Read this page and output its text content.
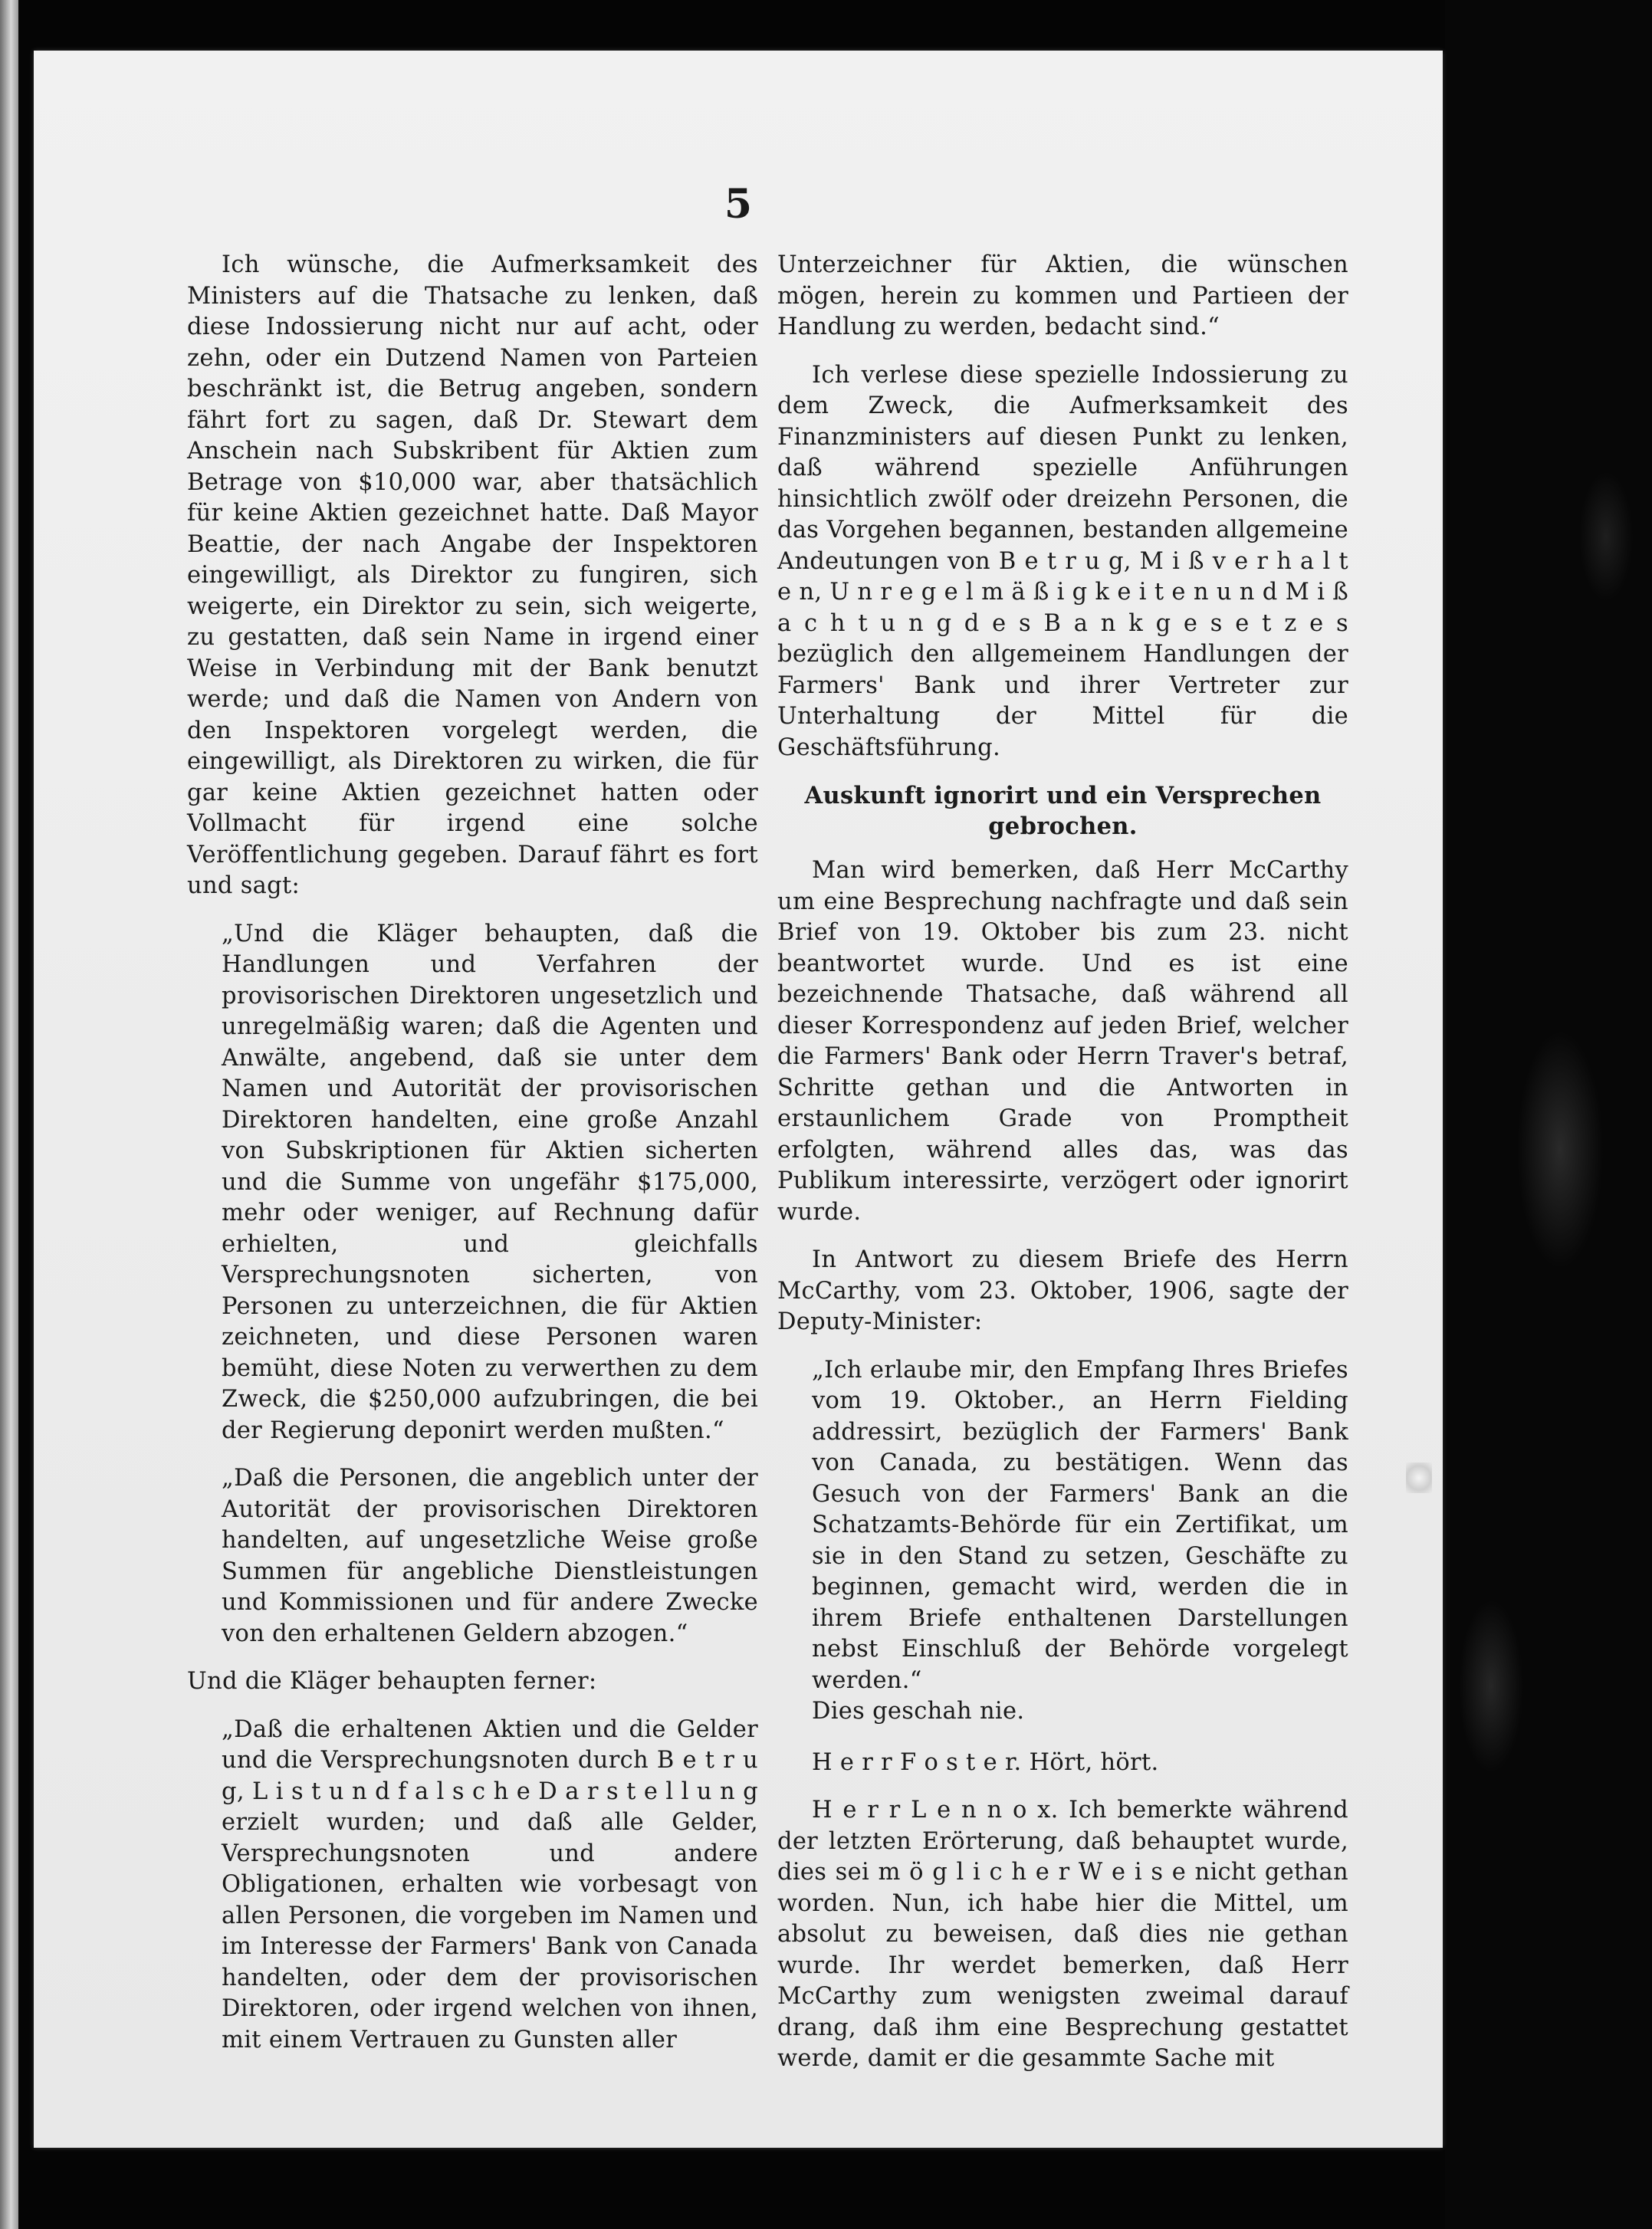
5

Ich wünsche, die Aufmerksamkeit des Ministers auf die Thatsache zu lenken, daß diese Indossierung nicht nur auf acht, oder zehn, oder ein Dutzend Namen von Parteien beschränkt ist, die Betrug angeben, sondern fährt fort zu sagen, daß Dr. Stewart dem Anschein nach Subskribent für Aktien zum Betrage von $10,000 war, aber thatsächlich für keine Aktien gezeichnet hatte. Daß Mayor Beattie, der nach Angabe der Inspektoren eingewilligt, als Direktor zu fungiren, sich weigerte, ein Direktor zu sein, sich weigerte, zu gestatten, daß sein Name in irgend einer Weise in Verbindung mit der Bank benutzt werde; und daß die Namen von Andern von den Inspektoren vorgelegt werden, die eingewilligt, als Direktoren zu wirken, die für gar keine Aktien gezeichnet hatten oder Vollmacht für irgend eine solche Veröffentlichung gegeben. Darauf fährt es fort und sagt:

„Und die Kläger behaupten, daß die Handlungen und Verfahren der provisorischen Direktoren ungesetzlich und unregelmäßig waren; daß die Agenten und Anwälte, angebend, daß sie unter dem Namen und Autorität der provisorischen Direktoren handelten, eine große Anzahl von Subskriptionen für Aktien sicherten und die Summe von ungefähr $175,000, mehr oder weniger, auf Rechnung dafür erhielten, und gleichfalls Versprechungsnoten sicherten, von Personen zu unterzeichnen, die für Aktien zeichneten, und diese Personen waren bemüht, diese Noten zu verwerthen zu dem Zweck, die $250,000 aufzubringen, die bei der Regierung deponirt werden mußten.“

„Daß die Personen, die angeblich unter der Autorität der provisorischen Direktoren handelten, auf ungesetzliche Weise große Summen für angebliche Dienstleistungen und Kommissionen und für andere Zwecke von den erhaltenen Geldern abzogen.“

Und die Kläger behaupten ferner:

„Daß die erhaltenen Aktien und die Gelder und die Versprechungsnoten durch B e t r u g, L i s t u n d f a l s c h e D a r s t e l l u n g erzielt wurden; und daß alle Gelder, Versprechungsnoten und andere Obligationen, erhalten wie vorbesagt von allen Personen, die vorgeben im Namen und im Interesse der Farmers' Bank von Canada handelten, oder dem der provisorischen Direktoren, oder irgend welchen von ihnen, mit einem Vertrauen zu Gunsten aller

Unterzeichner für Aktien, die wünschen mögen, herein zu kommen und Partieen der Handlung zu werden, bedacht sind.“

Ich verlese diese spezielle Indossierung zu dem Zweck, die Aufmerksamkeit des Finanzministers auf diesen Punkt zu lenken, daß während spezielle Anführungen hinsichtlich zwölf oder dreizehn Personen, die das Vorgehen begannen, bestanden allgemeine Andeutungen von B e t r u g, M i ß v e r h a l t e n, U n r e g e l m ä ß i g k e i t e n u n d M i ß a c h t u n g d e s B a n k g e s e t z e s bezüglich den allgemeinem Handlungen der Farmers' Bank und ihrer Vertreter zur Unterhaltung der Mittel für die Geschäftsführung.

Auskunft ignorirt und ein Versprechen gebrochen.

Man wird bemerken, daß Herr McCarthy um eine Besprechung nachfragte und daß sein Brief von 19. Oktober bis zum 23. nicht beantwortet wurde. Und es ist eine bezeichnende Thatsache, daß während all dieser Korrespondenz auf jeden Brief, welcher die Farmers' Bank oder Herrn Traver's betraf, Schritte gethan und die Antworten in erstaunlichem Grade von Promptheit erfolgten, während alles das, was das Publikum interessirte, verzögert oder ignorirt wurde.

In Antwort zu diesem Briefe des Herrn McCarthy, vom 23. Oktober, 1906, sagte der Deputy-Minister:

„Ich erlaube mir, den Empfang Ihres Briefes vom 19. Oktober., an Herrn Fielding addressirt, bezüglich der Farmers' Bank von Canada, zu bestätigen. Wenn das Gesuch von der Farmers' Bank an die Schatzamts-Behörde für ein Zertifikat, um sie in den Stand zu setzen, Geschäfte zu beginnen, gemacht wird, werden die in ihrem Briefe enthaltenen Darstellungen nebst Einschluß der Behörde vorgelegt werden.“

Dies geschah nie.

H e r r F o s t e r. Hört, hört.

H e r r L e n n o x. Ich bemerkte während der letzten Erörterung, daß behauptet wurde, dies sei m ö g l i c h e r W e i s e nicht gethan worden. Nun, ich habe hier die Mittel, um absolut zu beweisen, daß dies nie gethan wurde. Ihr werdet bemerken, daß Herr McCarthy zum wenigsten zweimal darauf drang, daß ihm eine Besprechung gestattet werde, damit er die gesammte Sache mit
